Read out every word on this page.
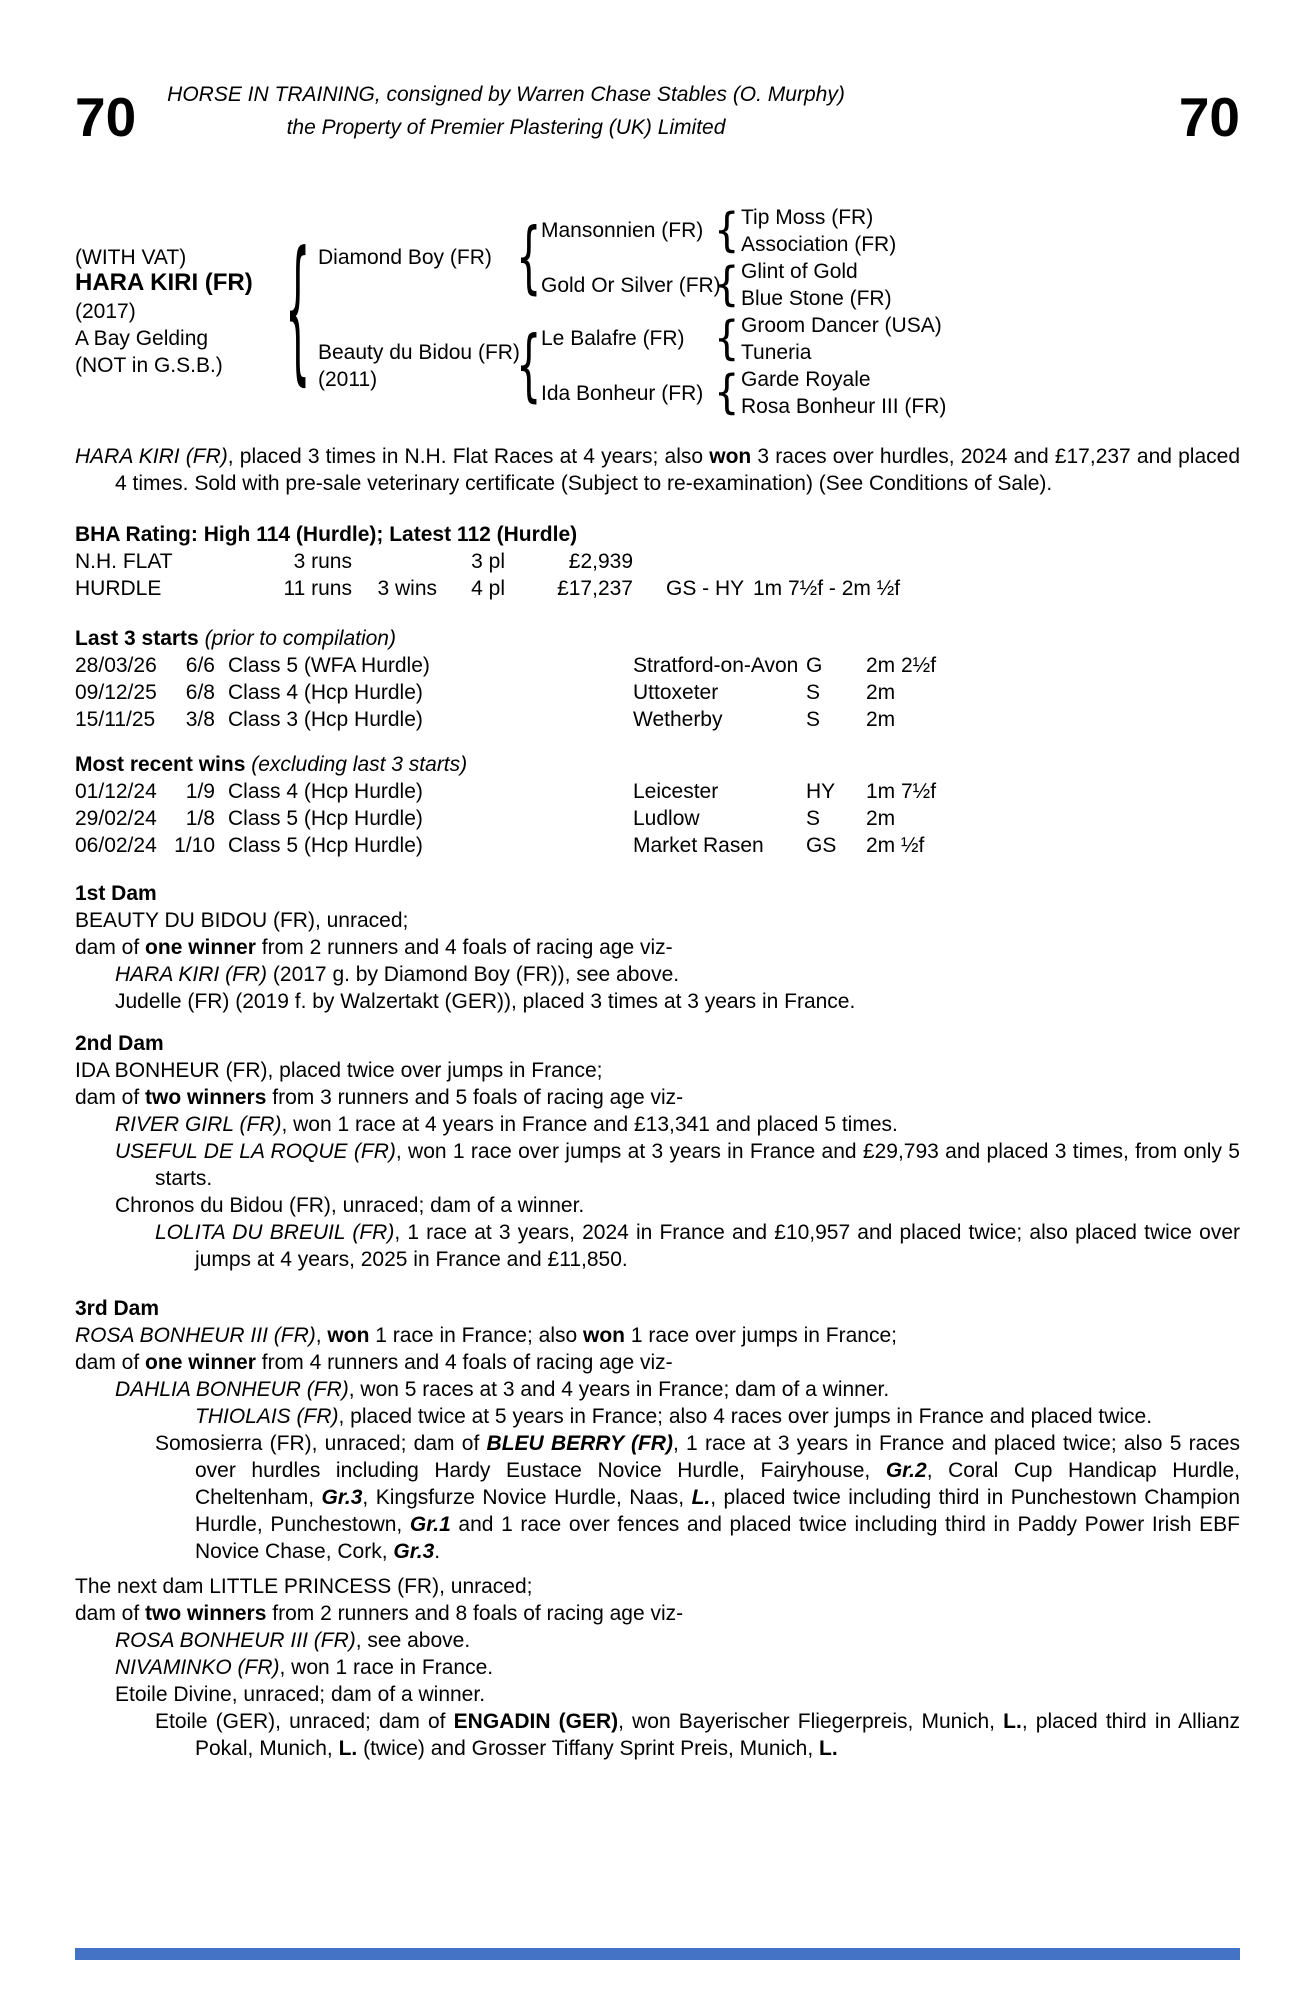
HORSE IN TRAINING, consigned by Warren Chase Stables (O. Murphy)
the Property of Premier Plastering (UK) Limited
70	70
(WITH VAT)
HARA KIRI (FR)
(2017)
A Bay Gelding
(NOT in G.S.B.)
{
Diamond Boy (FR)
Beauty du Bidou (FR)
(2011)
{
{
Mansonnien (FR)
Gold Or Silver (FR)
Le Balafre (FR)
Ida Bonheur (FR)
{
{
{
{
Tip Moss (FR)
Association (FR)
Glint of Gold
Blue Stone (FR)
Groom Dancer (USA)
Tuneria
Garde Royale
Rosa Bonheur III (FR)

HARA KIRI (FR), placed 3 times in N.H. Flat Races at 4 years; also won 3 races over hurdles, 2024 and £17,237 and placed 4 times. Sold with pre-sale veterinary certificate (Subject to re-examination) (See Conditions of Sale).

BHA Rating: High 114 (Hurdle); Latest 112 (Hurdle)

N.H. FLAT	3 runs	3 pl	£2,939
HURDLE	11 runs	3 wins	4 pl	£17,237	GS - HY 1m 7½f - 2m ½f

Last 3 starts (prior to compilation)

28/03/26	6/6 Class 5 (WFA Hurdle)	Stratford-on-Avon G	2m 2½f
09/12/25	6/8 Class 4 (Hcp Hurdle)	Uttoxeter	S	2m
15/11/25	3/8 Class 3 (Hcp Hurdle)	Wetherby	S	2m

Most recent wins (excluding last 3 starts)

01/12/24	1/9 Class 4 (Hcp Hurdle)	Leicester	HY	1m 7½f
29/02/24	1/8 Class 5 (Hcp Hurdle)	Ludlow	S	2m
06/02/24 1/10 Class 5 (Hcp Hurdle)	Market Rasen	GS	2m ½f
1st Dam

BEAUTY DU BIDOU (FR), unraced;

dam of one winner from 2 runners and 4 foals of racing age viz-

HARA KIRI (FR) (2017 g. by Diamond Boy (FR)), see above.

Judelle (FR) (2019 f. by Walzertakt (GER)), placed 3 times at 3 years in France.

2nd Dam

IDA BONHEUR (FR), placed twice over jumps in France;

dam of two winners from 3 runners and 5 foals of racing age viz-

RIVER GIRL (FR), won 1 race at 4 years in France and £13,341 and placed 5 times.

USEFUL DE LA ROQUE (FR), won 1 race over jumps at 3 years in France and £29,793 and placed 3 times, from only 5 starts.

Chronos du Bidou (FR), unraced; dam of a winner.

LOLITA DU BREUIL (FR), 1 race at 3 years, 2024 in France and £10,957 and placed twice; also placed twice over jumps at 4 years, 2025 in France and £11,850.

3rd Dam

ROSA BONHEUR III (FR), won 1 race in France; also won 1 race over jumps in France;

dam of one winner from 4 runners and 4 foals of racing age viz-

DAHLIA BONHEUR (FR), won 5 races at 3 and 4 years in France; dam of a winner.

THIOLAIS (FR), placed twice at 5 years in France; also 4 races over jumps in France and placed twice.

Somosierra (FR), unraced; dam of BLEU BERRY (FR), 1 race at 3 years in France and placed twice; also 5 races over hurdles including Hardy Eustace Novice Hurdle, Fairyhouse, Gr.2, Coral Cup Handicap Hurdle, Cheltenham, Gr.3, Kingsfurze Novice Hurdle, Naas, L., placed twice including third in Punchestown Champion Hurdle, Punchestown, Gr.1 and 1 race over fences and placed twice including third in Paddy Power Irish EBF Novice Chase, Cork, Gr.3.

The next dam LITTLE PRINCESS (FR), unraced;

dam of two winners from 2 runners and 8 foals of racing age viz-

ROSA BONHEUR III (FR), see above.

NIVAMINKO (FR), won 1 race in France.

Etoile Divine, unraced; dam of a winner.

Etoile (GER), unraced; dam of ENGADIN (GER), won Bayerischer Fliegerpreis, Munich, L., placed third in Allianz Pokal, Munich, L. (twice) and Grosser Tiffany Sprint Preis, Munich, L.
